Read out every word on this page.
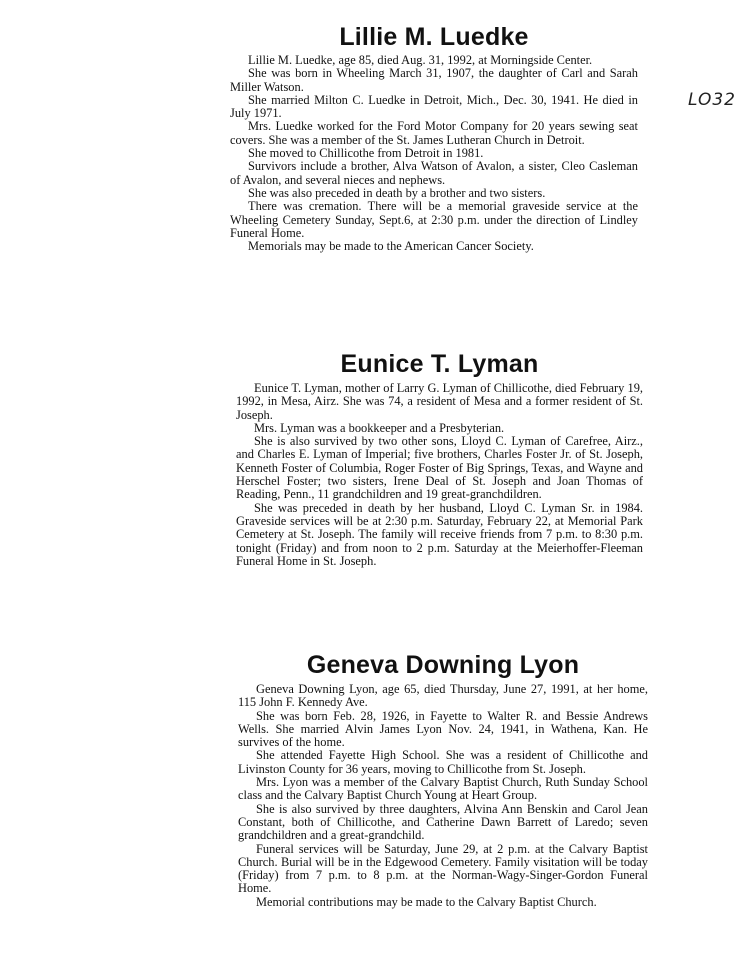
LO32
Lillie M. Luedke

Lillie M. Luedke, age 85, died Aug. 31, 1992, at Morningside Center.

She was born in Wheeling March 31, 1907, the daughter of Carl and Sarah Miller Watson.

She married Milton C. Luedke in Detroit, Mich., Dec. 30, 1941. He died in July 1971.

Mrs. Luedke worked for the Ford Motor Company for 20 years sewing seat covers. She was a member of the St. James Lutheran Church in Detroit.

She moved to Chillicothe from Detroit in 1981.

Survivors include a brother, Alva Watson of Avalon, a sister, Cleo Casleman of Avalon, and several nieces and nephews.

She was also preceded in death by a brother and two sisters.

There was cremation. There will be a memorial graveside service at the Wheeling Cemetery Sunday, Sept.6, at 2:30 p.m. under the direction of Lindley Funeral Home.

Memorials may be made to the American Cancer Society.

Eunice T. Lyman

Eunice T. Lyman, mother of Larry G. Lyman of Chillicothe, died February 19, 1992, in Mesa, Airz. She was 74, a resident of Mesa and a former resident of St. Joseph.

Mrs. Lyman was a bookkeeper and a Presbyterian.

She is also survived by two other sons, Lloyd C. Lyman of Carefree, Airz., and Charles E. Lyman of Imperial; five brothers, Charles Foster Jr. of St. Joseph, Kenneth Foster of Columbia, Roger Foster of Big Springs, Texas, and Wayne and Herschel Foster; two sisters, Irene Deal of St. Joseph and Joan Thomas of Reading, Penn., 11 grandchildren and 19 great-granchdildren.

She was preceded in death by her husband, Lloyd C. Lyman Sr. in 1984. Graveside services will be at 2:30 p.m. Saturday, February 22, at Memorial Park Cemetery at St. Joseph. The family will receive friends from 7 p.m. to 8:30 p.m. tonight (Friday) and from noon to 2 p.m. Saturday at the Meierhoffer-Fleeman Funeral Home in St. Joseph.

Geneva Downing Lyon

Geneva Downing Lyon, age 65, died Thursday, June 27, 1991, at her home, 115 John F. Kennedy Ave.

She was born Feb. 28, 1926, in Fayette to Walter R. and Bessie Andrews Wells. She married Alvin James Lyon Nov. 24, 1941, in Wathena, Kan. He survives of the home.

She attended Fayette High School. She was a resident of Chillicothe and Livinston County for 36 years, moving to Chillicothe from St. Joseph.

Mrs. Lyon was a member of the Calvary Baptist Church, Ruth Sunday School class and the Calvary Baptist Church Young at Heart Group.

She is also survived by three daughters, Alvina Ann Benskin and Carol Jean Constant, both of Chillicothe, and Catherine Dawn Barrett of Laredo; seven grandchildren and a great-grandchild.

Funeral services will be Saturday, June 29, at 2 p.m. at the Calvary Baptist Church. Burial will be in the Edgewood Cemetery. Family visitation will be today (Friday) from 7 p.m. to 8 p.m. at the Norman-Wagy-Singer-Gordon Funeral Home.

Memorial contributions may be made to the Calvary Baptist Church.
